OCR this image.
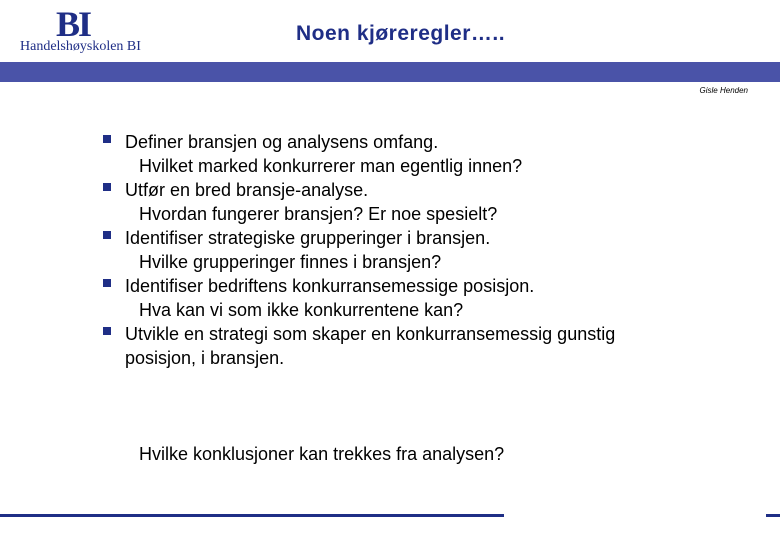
BI
Handelshøyskolen BI
Noen kjøreregler…..
Gisle Henden
Definer bransjen og analysens omfang.
Hvilket marked konkurrerer man egentlig innen?
Utfør en bred bransje-analyse.
Hvordan fungerer bransjen? Er noe spesielt?
Identifiser strategiske grupperinger i bransjen.
Hvilke grupperinger finnes i bransjen?
Identifiser bedriftens konkurransemessige posisjon.
Hva kan vi som ikke konkurrentene kan?
Utvikle en strategi som skaper en konkurransemessig gunstig
posisjon, i bransjen.
Hvilke konklusjoner kan trekkes fra analysen?
